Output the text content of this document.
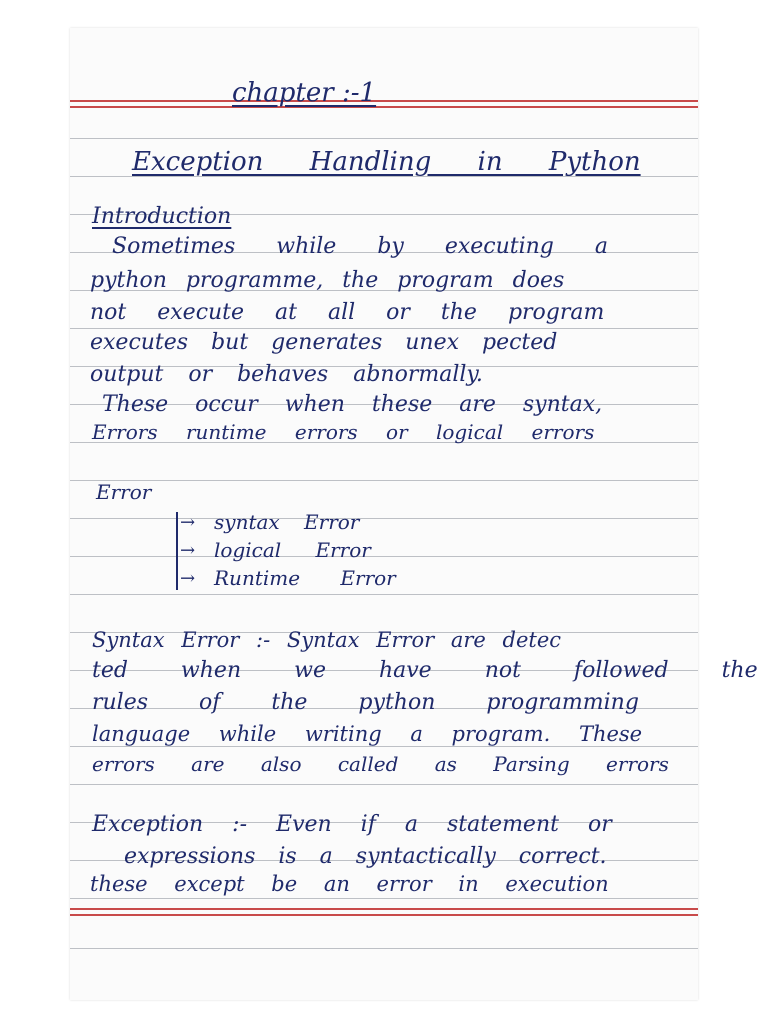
chapter :-1
Exception Handling in Python
Introduction
Sometimes while by executing a
python programme, the program does
not execute at all or the program
executes but generates unex pected
output or behaves abnormally.
These occur when these are syntax,
Errors runtime errors or logical errors
Error
→ syntax Error
→ logical Error
→ Runtime Error
Syntax Error :- Syntax Error are detec
ted when we have not followed the
rules of the python programming
language while writing a program. These
errors are also called as Parsing errors
Exception :- Even if a statement or
expressions is a syntactically correct.
these except be an error in execution
